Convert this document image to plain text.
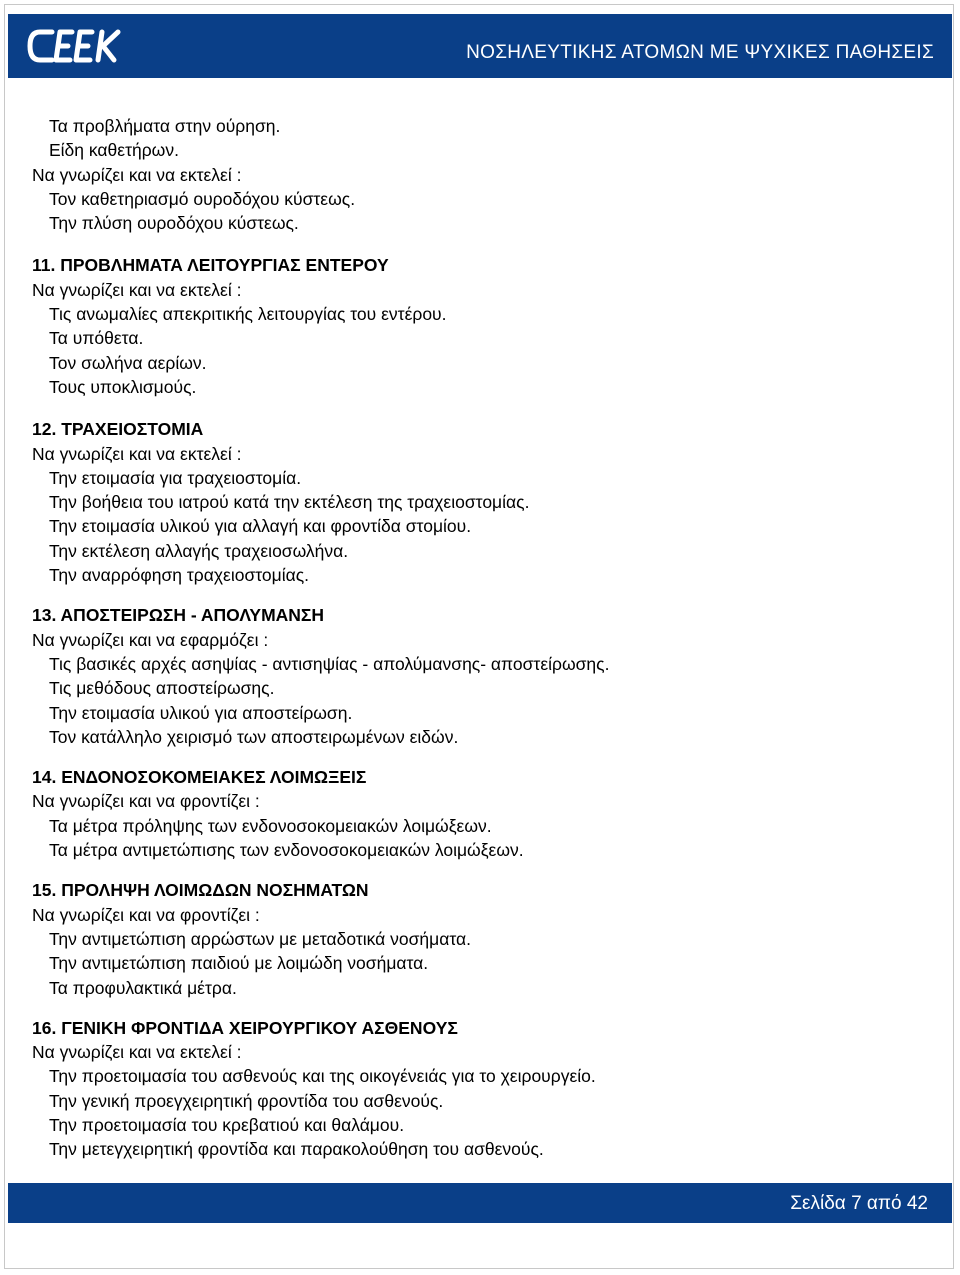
ΝΟΣΗΛΕΥΤΙΚΗΣ ΑΤΟΜΩΝ ΜΕ ΨΥΧΙΚΕΣ ΠΑΘΗΣΕΙΣ
Τα προβλήματα στην ούρηση.
Είδη καθετήρων.
Να γνωρίζει και να εκτελεί :
Τον καθετηριασμό ουροδόχου κύστεως.
Την πλύση ουροδόχου κύστεως.
11. ΠΡΟΒΛΗΜΑΤΑ ΛΕΙΤΟΥΡΓΙΑΣ ΕΝΤΕΡΟΥ
Να γνωρίζει και να εκτελεί :
Τις ανωμαλίες απεκριτικής λειτουργίας του εντέρου.
Τα υπόθετα.
Τον σωλήνα αερίων.
Τους υποκλισμούς.
12. ΤΡΑΧΕΙΟΣΤΟΜΙΑ
Να γνωρίζει και να εκτελεί :
Την ετοιμασία για τραχειοστομία.
Την βοήθεια του ιατρού κατά την εκτέλεση της τραχειοστομίας.
Την ετοιμασία υλικού για αλλαγή και φροντίδα στομίου.
Την εκτέλεση αλλαγής τραχειοσωλήνα.
Την αναρρόφηση τραχειοστομίας.
13. ΑΠΟΣΤΕΙΡΩΣΗ - ΑΠΟΛΥΜΑΝΣΗ
Να γνωρίζει και να εφαρμόζει :
Τις βασικές αρχές ασηψίας - αντισηψίας - απολύμανσης- αποστείρωσης.
Τις μεθόδους αποστείρωσης.
Την ετοιμασία υλικού για αποστείρωση.
Τον κατάλληλο χειρισμό των αποστειρωμένων ειδών.
14. ΕΝΔΟΝΟΣΟΚΟΜΕΙΑΚΕΣ ΛΟΙΜΩΞΕΙΣ
Να γνωρίζει και να φροντίζει :
Τα μέτρα πρόληψης των ενδονοσοκομειακών λοιμώξεων.
Τα μέτρα αντιμετώπισης των ενδονοσοκομειακών λοιμώξεων.
15. ΠΡΟΛΗΨΗ ΛΟΙΜΩΔΩΝ ΝΟΣΗΜΑΤΩΝ
Να γνωρίζει και να φροντίζει :
Την αντιμετώπιση αρρώστων με μεταδοτικά νοσήματα.
Την αντιμετώπιση παιδιού με λοιμώδη νοσήματα.
Τα προφυλακτικά μέτρα.
16. ΓΕΝΙΚΗ ΦΡΟΝΤΙΔΑ ΧΕΙΡΟΥΡΓΙΚΟΥ ΑΣΘΕΝΟΥΣ
Να γνωρίζει και να εκτελεί :
Την προετοιμασία του ασθενούς και της οικογένειάς για το χειρουργείο.
Την γενική προεγχειρητική φροντίδα του ασθενούς.
Την προετοιμασία του κρεβατιού και θαλάμου.
Την μετεγχειρητική φροντίδα και παρακολούθηση του ασθενούς.
Σελίδα 7 από 42
